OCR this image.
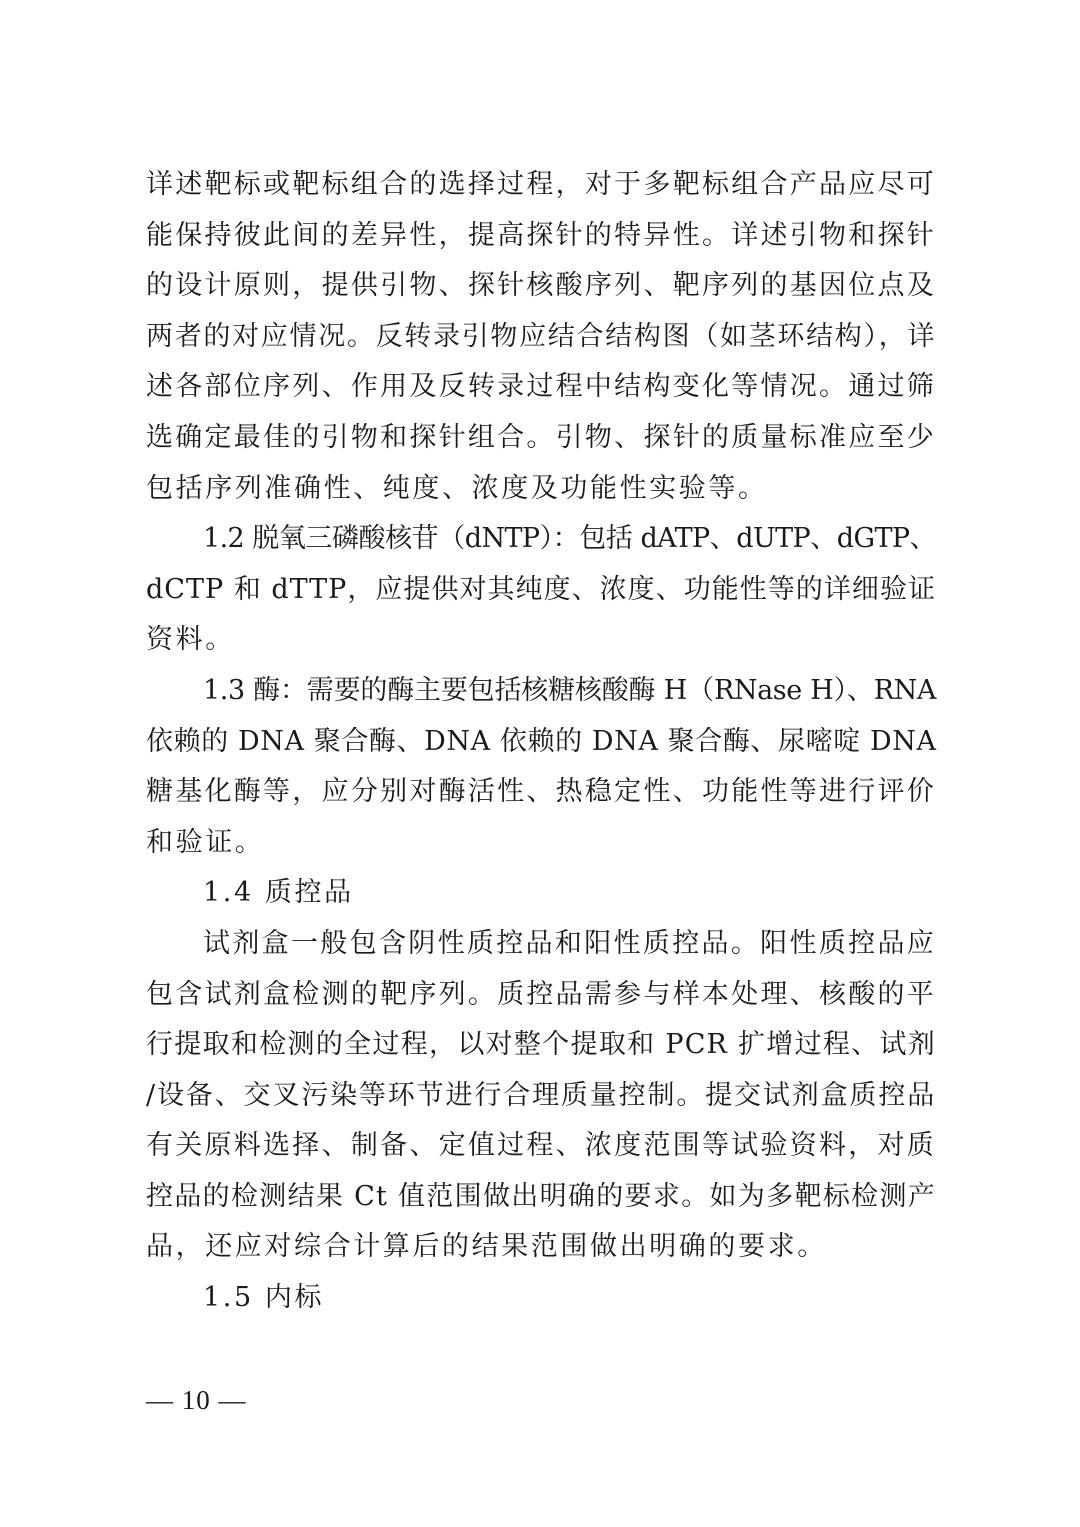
详述靶标或靶标组合的选择过程，对于多靶标组合产品应尽可
能保持彼此间的差异性，提高探针的特异性。详述引物和探针
的设计原则，提供引物、探针核酸序列、靶序列的基因位点及
两者的对应情况。反转录引物应结合结构图（如茎环结构），详
述各部位序列、作用及反转录过程中结构变化等情况。通过筛
选确定最佳的引物和探针组合。引物、探针的质量标准应至少
包括序列准确性、纯度、浓度及功能性实验等。
1.2 脱氧三磷酸核苷（dNTP）：包括 dATP、dUTP、dGTP、
dCTP 和 dTTP，应提供对其纯度、浓度、功能性等的详细验证
资料。
1.3 酶：需要的酶主要包括核糖核酸酶 H（RNase H）、RNA
依赖的 DNA 聚合酶、DNA 依赖的 DNA 聚合酶、尿嘧啶 DNA
糖基化酶等，应分别对酶活性、热稳定性、功能性等进行评价
和验证。
1.4 质控品
试剂盒一般包含阴性质控品和阳性质控品。阳性质控品应
包含试剂盒检测的靶序列。质控品需参与样本处理、核酸的平
行提取和检测的全过程，以对整个提取和 PCR 扩增过程、试剂
/设备、交叉污染等环节进行合理质量控制。提交试剂盒质控品
有关原料选择、制备、定值过程、浓度范围等试验资料，对质
控品的检测结果 Ct 值范围做出明确的要求。如为多靶标检测产
品，还应对综合计算后的结果范围做出明确的要求。
1.5 内标
— 10 —
